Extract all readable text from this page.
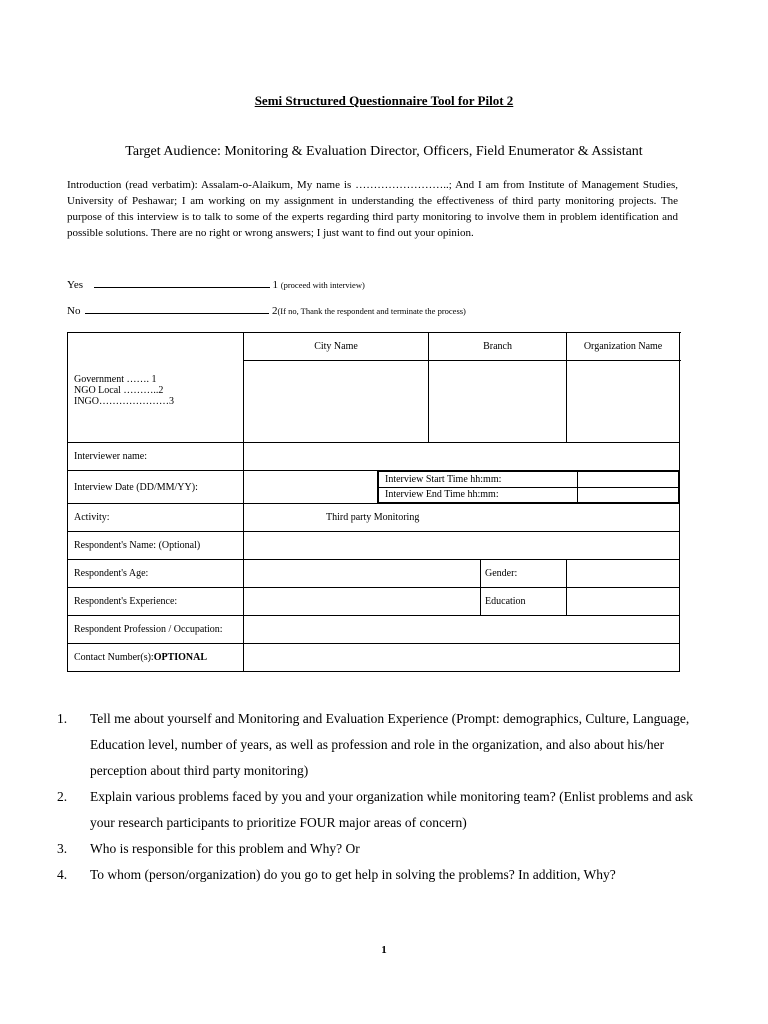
Semi Structured Questionnaire Tool for Pilot 2
Target Audience: Monitoring & Evaluation Director, Officers, Field Enumerator & Assistant
Introduction (read verbatim): Assalam-o-Alaikum, My name is ……………………..; And I am from Institute of Management Studies, University of Peshawar; I am working on my assignment in understanding the effectiveness of third party monitoring projects. The purpose of this interview is to talk to some of the experts regarding third party monitoring to involve them in problem identification and possible solutions. There are no right or wrong answers; I just want to find out your opinion.
Yes	1 (proceed with interview)
No	2(If no, Thank the respondent and terminate the process)
Government ……. 1
NGO Local ………..2
INGO…………………3
	City Name	Branch	Organization Name

Interviewer name:	
Interview Date (DD/MM/YY):		
Interview Start Time hh:mm:	
Interview End Time hh:mm:	

Activity:	Third party Monitoring
Respondent's Name: (Optional)	
Respondent's Age:		Gender:	
Respondent's Experience:		Education	
Respondent Profession / Occupation:	
Contact Number(s):OPTIONAL	
1. Tell me about yourself and Monitoring and Evaluation Experience (Prompt: demographics, Culture, Language, Education level, number of years, as well as profession and role in the organization, and also about his/her perception about third party monitoring)
2. Explain various problems faced by you and your organization while monitoring team? (Enlist problems and ask your research participants to prioritize FOUR major areas of concern)
3. Who is responsible for this problem and Why? Or
4. To whom (person/organization) do you go to get help in solving the problems? In addition, Why?
1
